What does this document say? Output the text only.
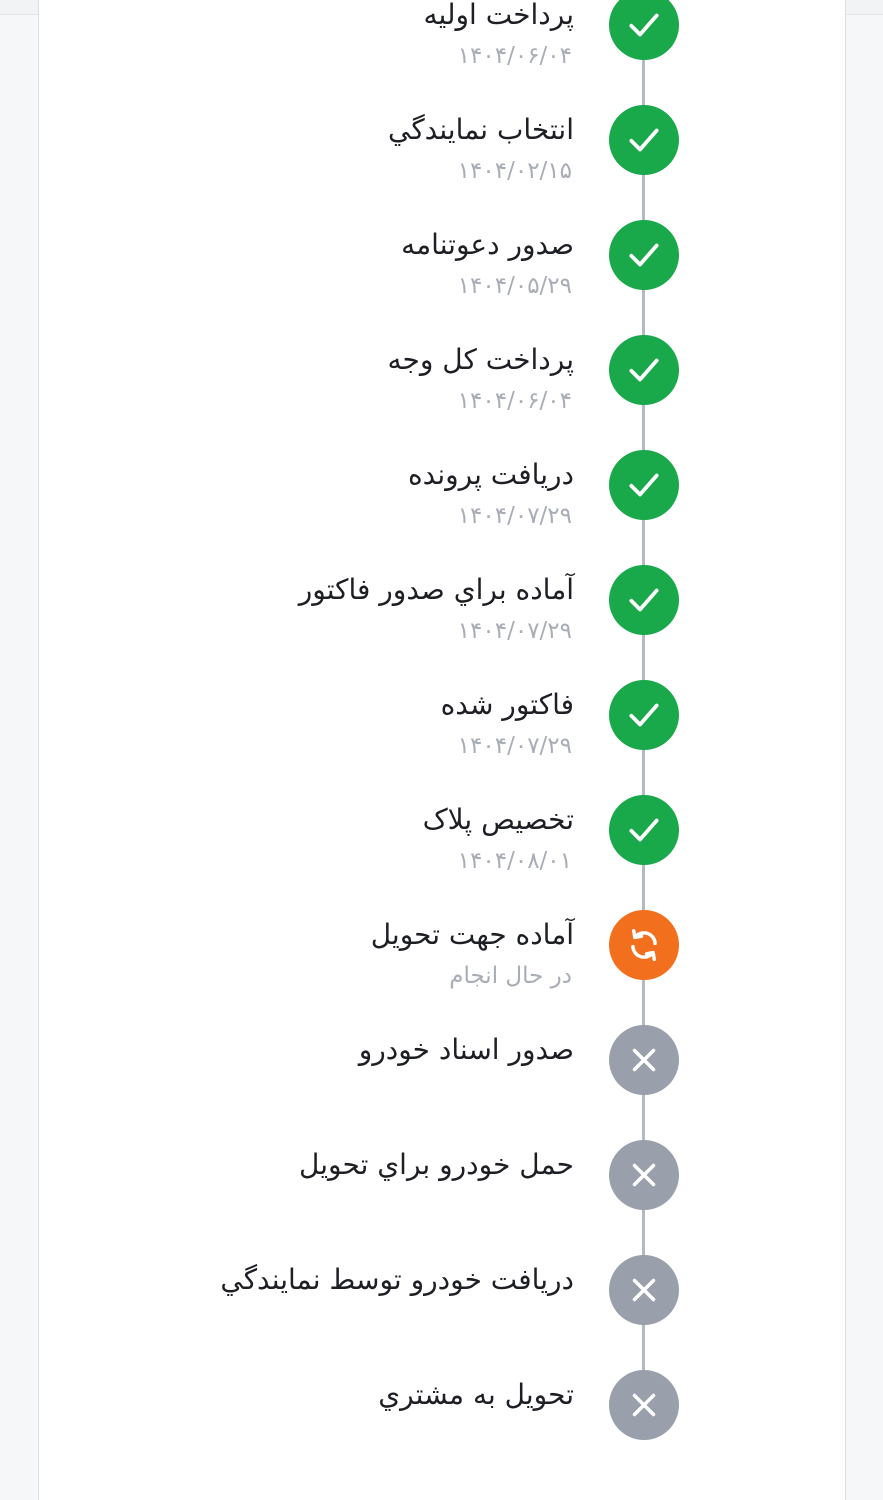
پرداخت اوليه
۱۴۰۴/۰۶/۰۴
انتخاب نمايندگي
۱۴۰۴/۰۲/۱۵
صدور دعوتنامه
۱۴۰۴/۰۵/۲۹
پرداخت کل وجه
۱۴۰۴/۰۶/۰۴
دريافت پرونده
۱۴۰۴/۰۷/۲۹
آماده براي صدور فاکتور
۱۴۰۴/۰۷/۲۹
فاکتور شده
۱۴۰۴/۰۷/۲۹
تخصيص پلاک
۱۴۰۴/۰۸/۰۱
آماده جهت تحويل
در حال انجام
صدور اسناد خودرو
حمل خودرو براي تحويل
دريافت خودرو توسط نمايندگي
تحويل به مشتري
